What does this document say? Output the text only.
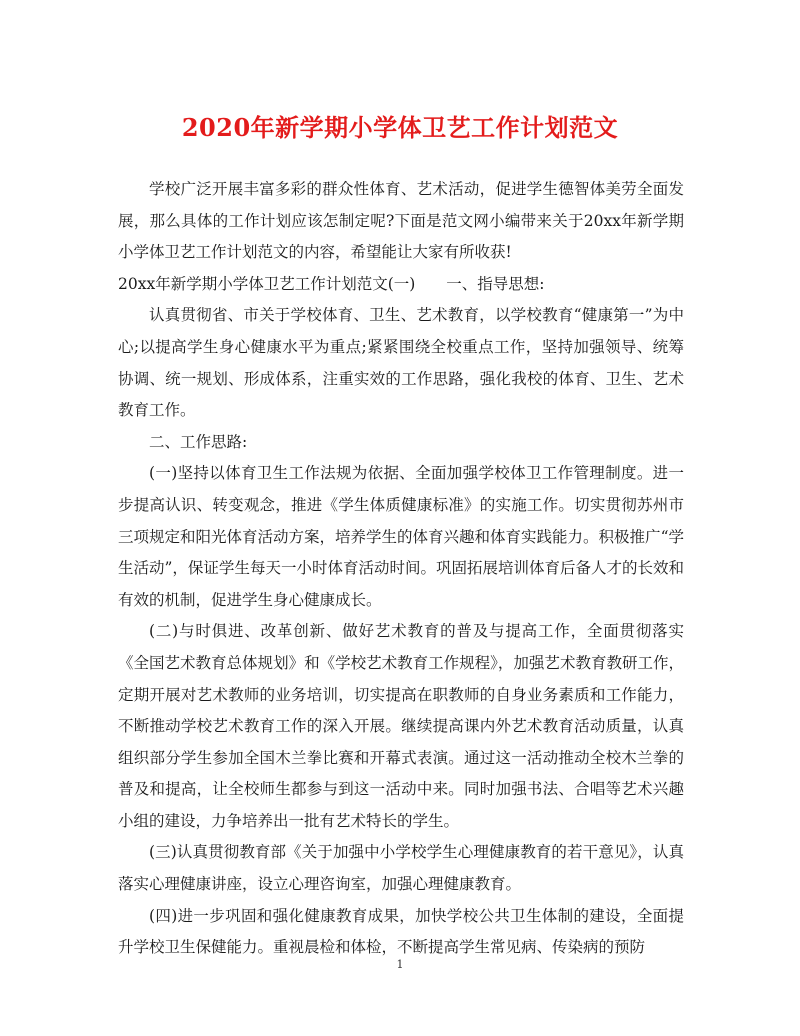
2020年新学期小学体卫艺工作计划范文

学校广泛开展丰富多彩的群众性体育、艺术活动，促进学生德智体美劳全面发展，那么具体的工作计划应该怎制定呢?下面是范文网小编带来关于20xx年新学期小学体卫艺工作计划范文的内容，希望能让大家有所收获!

20xx年新学期小学体卫艺工作计划范文(一)　　一、指导思想:

认真贯彻省、市关于学校体育、卫生、艺术教育，以学校教育“健康第一”为中心;以提高学生身心健康水平为重点;紧紧围绕全校重点工作，坚持加强领导、统筹协调、统一规划、形成体系，注重实效的工作思路，强化我校的体育、卫生、艺术教育工作。

二、工作思路:

(一)坚持以体育卫生工作法规为依据、全面加强学校体卫工作管理制度。进一步提高认识、转变观念，推进《学生体质健康标准》的实施工作。切实贯彻苏州市三项规定和阳光体育活动方案，培养学生的体育兴趣和体育实践能力。积极推广“学生活动”，保证学生每天一小时体育活动时间。巩固拓展培训体育后备人才的长效和有效的机制，促进学生身心健康成长。

(二)与时俱进、改革创新、做好艺术教育的普及与提高工作，全面贯彻落实《全国艺术教育总体规划》和《学校艺术教育工作规程》，加强艺术教育教研工作，定期开展对艺术教师的业务培训，切实提高在职教师的自身业务素质和工作能力，不断推动学校艺术教育工作的深入开展。继续提高课内外艺术教育活动质量，认真组织部分学生参加全国木兰拳比赛和开幕式表演。通过这一活动推动全校木兰拳的普及和提高，让全校师生都参与到这一活动中来。同时加强书法、合唱等艺术兴趣小组的建设，力争培养出一批有艺术特长的学生。

(三)认真贯彻教育部《关于加强中小学校学生心理健康教育的若干意见》，认真落实心理健康讲座，设立心理咨询室，加强心理健康教育。

(四)进一步巩固和强化健康教育成果，加快学校公共卫生体制的建设，全面提升学校卫生保健能力。重视晨检和体检，不断提高学生常见病、传染病的预防

1
